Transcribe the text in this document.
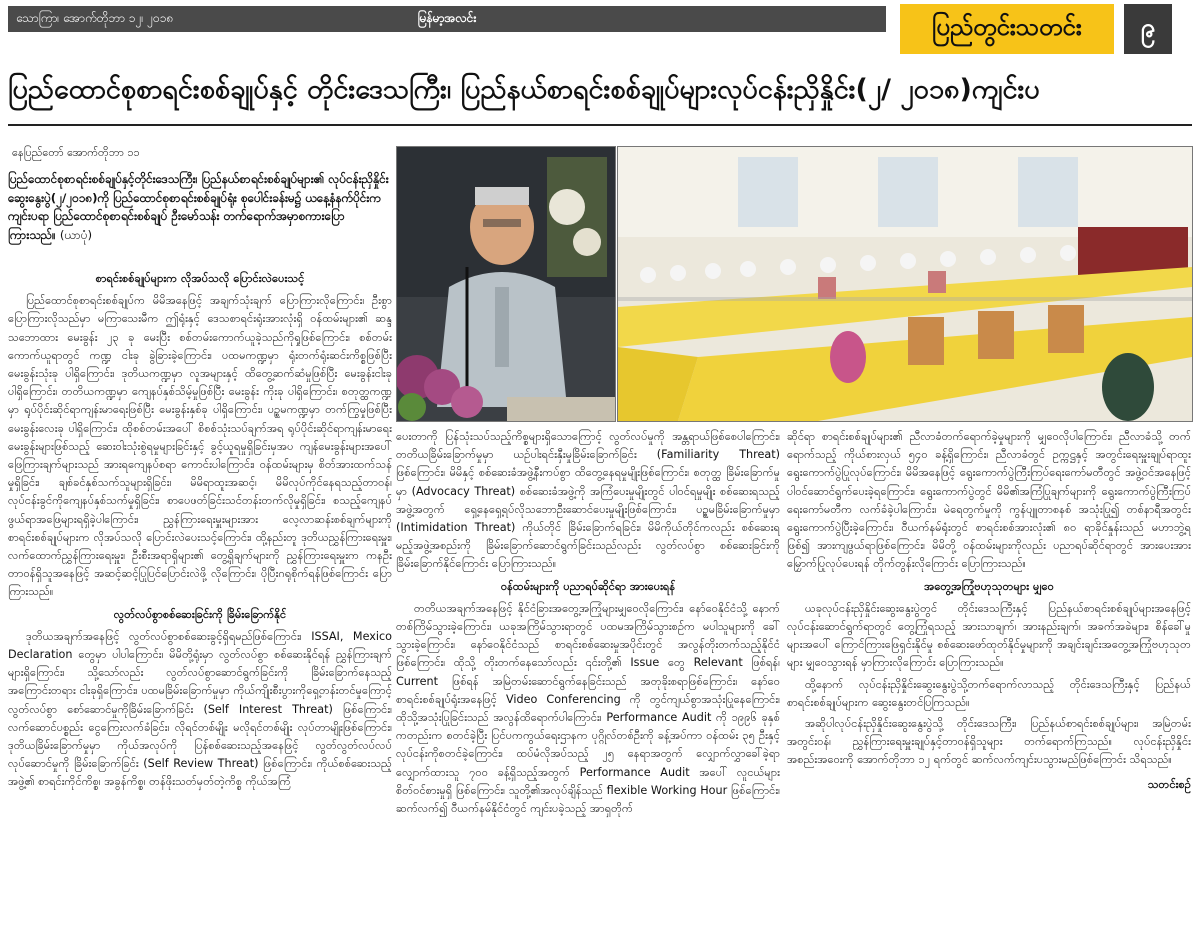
သောကြာ၊ အောက်တိုဘာ ၁၂၊ ၂၀၁၈	မြန်မာ့အလင်း	ပြည်တွင်းသတင်း	၉
ပြည်ထောင်စုစာရင်းစစ်ချုပ်နှင့် တိုင်းဒေသကြီး၊ ပြည်နယ်စာရင်းစစ်ချုပ်များလုပ်ငန်းညှိနှိုင်း(၂/ ၂၀၁၈)ကျင်းပ
နေပြည်တော် အောက်တိုဘာ ၁၁
ပြည်ထောင်စုစာရင်းစစ်ချုပ်နှင့်တိုင်းဒေသကြီး၊ ပြည်နယ်စာရင်းစစ်ချုပ်များ၏ လုပ်ငန်းညှိနှိုင်းဆွေးနွေးပွဲ(၂/၂၀၁၈)ကို ပြည်ထောင်စုစာရင်းစစ်ချုပ်ရုံး စုပေါင်းခန်းမ၌ ယနေ့နံနက်ပိုင်းက ကျင်းပရာ ပြည်ထောင်စုစာရင်းစစ်ချုပ် ဦးမော်သန်း တက်ရောက်အမှာစကားပြောကြားသည်။ (ယာပုံ)

စာရင်းစစ်ချုပ်များက လိုအပ်သလို ပြောင်းလဲပေးသင့်

ပြည်ထောင်စုစာရင်းစစ်ချုပ်က မိမိအနေဖြင့် အချက်သုံးချက် ပြောကြားလိုကြောင်း၊ ဦးစွာပြောကြားလိုသည်မှာ မကြာသေးမီက ဤရုံးနှင့် ဒေသစာရင်းရုံးအားလုံးရှိ ဝန်ထမ်းများ၏ ဆန္ဒသဘောထား မေးခွန်း ၂၃ ခု မေးပြီး စစ်တမ်းကောက်ယူခဲ့သည်ကိုရှုဖြစ်ကြောင်း၊ စစ်တမ်းကောက်ယူရာတွင် ကဏ္ဍ ငါးခု ခွဲခြားခဲ့ကြောင်း၊ ပထမကဏ္ဍမှာ ရုံးတက်ရုံးဆင်းကိစ္စဖြစ်ပြီး မေးခွန်းသုံးခု ပါရှိကြောင်း၊ ဒုတိယကဏ္ဍမှာ လူအများနှင့် ထိတွေ့ဆက်ဆံမှုဖြစ်ပြီး မေးခွန်းငါးခု ပါရှိကြောင်း၊ တတိယကဏ္ဍမှာ ကျေနပ်နှစ်သိမ့်မှုဖြစ်ပြီး မေးခွန်း ကိုးခု ပါရှိကြောင်း၊ စတုတ္ထကဏ္ဍမှာ ရုပ်ပိုင်းဆိုင်ရာကျန်းမာရေးဖြစ်ပြီး မေးခွန်းနှစ်ခု ပါရှိကြောင်း၊ ပဉ္စမကဏ္ဍမှာ တက်ကြွမှုဖြစ်ပြီး မေးခွန်းလေးခု ပါရှိကြောင်း၊ ထိုစစ်တမ်းအပေါ် စိစစ်သုံးသပ်ချက်အရ ရုပ်ပိုင်းဆိုင်ရာကျန်းမာရေးမေးခွန်းများဖြစ်သည့် ဆေးဝါးသုံးစွဲရမှုများခြင်းနှင့် ခွင့်ယူရမှုရှိခြင်းမှအပ ကျန်မေးခွန်းများအပေါ် ဖြေကြားချက်များသည် အားရကျေနပ်စရာ ကောင်းပါကြောင်း၊ ဝန်ထမ်းများမှ စိတ်အားထက်သန်မှုရှိခြင်း၊ ချစ်ခင်နှစ်သက်သူများရှိခြင်း၊ မိမိရာထူးအဆင့်၊ မိမိလုပ်ကိုင်နေရသည့်တာဝန်၊ လုပ်ငန်းခွင်ကိုကျေနပ်နှစ်သက်မှုရှိခြင်း၊ စာပေဖတ်ခြင်းသင်တန်းတက်လိုမှုရှိခြင်း၊ စသည့်ကျေနပ်ဖွယ်ရာအဖြေများရရှိခဲ့ပါကြောင်း၊ ညွှန်ကြားရေးမှူးများအား လေ့လာဆန်းစစ်ချက်များကို စာရင်းစစ်ချုပ်များက လိုအပ်သလို ပြောင်းလဲပေးသင့်ကြောင်း၊ ထို့နည်းတူ ဒုတိယညွှန်ကြားရေးမှူး၊ လက်ထောက်ညွှန်ကြားရေးမှူး၊ ဦးစီးအရာရှိများ၏ တွေ့ရှိချက်များကို ညွှန်ကြားရေးမှူးက ကနဦးတာဝန်ရှိသူအနေဖြင့် အဆင့်ဆင့်ပြုပြင်ပြောင်းလဲဖို့ လိုကြောင်း၊ ပိုပြီးဂရုစိုက်ရန်ဖြစ်ကြောင်း ပြောကြားသည်။

လွတ်လပ်စွာစစ်ဆေးခြင်းကို ခြိမ်းခြောက်နိုင်

ဒုတိယအချက်အနေဖြင့် လွတ်လပ်စွာစစ်ဆေးခွင့်ရှိရမည်ဖြစ်ကြောင်း၊ ISSAI, Mexico Declaration တွေမှာ ပါပါကြောင်း၊ မိမိတို့ရုံးမှာ လွတ်လပ်စွာ စစ်ဆေးနိုင်ရန် ညွှန်ကြားချက်များရှိကြောင်း၊ သို့သော်လည်း လွတ်လပ်စွာဆောင်ရွက်ခြင်းကို ခြိမ်းခြောက်နေသည့် အကြောင်းတရား ငါးခုရှိကြောင်း၊ ပထမခြိမ်းခြောက်မှုမှာ ကိုယ်ကျိုးစီးပွားကိုရှေ့တန်းတင်မှုကြောင့် လွတ်လပ်စွာ စော်ဆောင်မှုကိုခြိမ်းခြောက်ခြင်း (Self Interest Threat) ဖြစ်ကြောင်း၊ လက်ဆောင်ပစ္စည်း ငွေကြေးလက်ခံခြင်း၊ လိုရင်တစ်မျိုး မလိုရင်တစ်မျိုး လုပ်တာမျိုးဖြစ်ကြောင်း၊ ဒုတိယခြိမ်းခြောက်မှုမှာ ကိုယ်အလုပ်ကို ပြန်စစ်ဆေးသည့်အနေဖြင့် လွတ်လွတ်လပ်လပ် လုပ်ဆောင်မှုကို ခြိမ်းခြောက်ခြင်း (Self Review Threat) ဖြစ်ကြောင်း၊ ကိုယ်စစ်ဆေးသည့်အဖွဲ့၏ စာရင်းကိုင်ကိစ္စ၊ အခွန်ကိစ္စ၊ တန်ဖိုးသတ်မှတ်တဲ့ကိစ္စ ကိုယ်အကြံ

ပေးတာကို ပြန်သုံးသပ်သည့်ကိစ္စများရှိသောကြောင့် လွတ်လပ်မှုကို အန္တရာယ်ဖြစ်စေပါကြောင်း၊ တတိယခြိမ်းခြောက်မှုမှာ ယဉ်ပါးရင်းနှီးမှုခြိမ်းခြောက်ခြင်း (Familiarity Threat) ဖြစ်ကြောင်း၊ မိမိနှင့် စစ်ဆေးခံအဖွဲ့နီးကပ်စွာ ထိတွေ့နေရမှုမျိုးဖြစ်ကြောင်း၊ စတုတ္ထ ခြိမ်းခြောက်မှုမှာ (Advocacy Threat) စစ်ဆေးခံအဖွဲ့ကို အကြံပေးမှုမျိုးတွင် ပါဝင်ရမှုမျိုး စစ်ဆေးရသည့်အဖွဲ့အတွက် ရှေ့နေရှေ့ရပ်လိုသဘောဦးဆောင်ပေးမှုမျိုးဖြစ်ကြောင်း၊ ပဉ္စမခြိမ်းခြောက်မှုမှာ (Intimidation Threat) ကိုယ်တိုင် ခြိမ်းခြောက်ရခြင်း၊ မိမိကိုယ်တိုင်ကလည်း စစ်ဆေးရမည့်အဖွဲ့အစည်းကို ခြိမ်းခြောက်ဆောင်ရွက်ခြင်းသည်လည်း လွတ်လပ်စွာ စစ်ဆေးခြင်းကို ခြိမ်းခြောက်နိုင်ကြောင်း ပြောကြားသည်။

ဝန်ထမ်းများကို ပညာရပ်ဆိုင်ရာ အားပေးရန်

တတိယအချက်အနေဖြင့် နိုင်ငံခြားအတွေ့အကြုံများမျှဝေလိုကြောင်း၊ နော်ဝေနိုင်ငံသို့ နောက်တစ်ကြိမ်သွားခဲ့ကြောင်း၊ ယခုအကြိမ်သွားရာတွင် ပထမအကြိမ်သွားစဉ်က မပါသူများကို ခေါ်သွားခဲ့ကြောင်း၊ နော်ဝေနိုင်ငံသည် စာရင်းစစ်ဆေးမှုအပိုင်းတွင် အလွန်တိုးတက်သည့်နိုင်ငံ ဖြစ်ကြောင်း၊ ထိုသို့ တိုးတက်နေသော်လည်း ၎င်းတို့၏ Issue တွေ Relevant ဖြစ်ရန်၊ Current ဖြစ်ရန် အမြဲတမ်းဆောင်ရွက်နေခြင်းသည် အတုခိုးစရာဖြစ်ကြောင်း၊ နော်ဝေစာရင်းစစ်ချုပ်ရုံးအနေဖြင့် Video Conferencing ကို တွင်ကျယ်စွာအသုံးပြုနေကြောင်း၊ ထိုသို့အသုံးပြုခြင်းသည် အလွန်ထိရောက်ပါကြောင်း၊ Performance Audit ကို ၁၉၉၆ ခုနှစ်ကတည်းက စတင်ခဲ့ပြီး ပြင်ပကကွယ်ရေးဌာနက ပုဂ္ဂိုလ်တစ်ဦးကို ခန့်အပ်ကာ ဝန်ထမ်း ၃၅ ဦးနှင့် လုပ်ငန်းကိုစတင်ခဲ့ကြောင်း၊ ထပ်မံလိုအပ်သည့် ၂၅ နေရာအတွက် လျှောက်လွှာခေါ်ခဲ့ရာ လျှောက်ထားသူ ၇၀၀ ခန့်ရှိသည့်အတွက် Performance Audit အပေါ် လူငယ်များစိတ်ဝင်စားမှုရှိ ဖြစ်ကြောင်း၊ သူတို့၏အလုပ်ချိန်သည် flexible Working Hour ဖြစ်ကြောင်း၊ ဆက်လက်၍ ဝီယက်နမ်နိုင်ငံတွင် ကျင်းပခဲ့သည့် အာရှတိုက်

ဆိုင်ရာ စာရင်းစစ်ချုပ်များ၏ ညီလာခံတက်ရောက်ခဲ့မှုများကို မျှဝေလိုပါကြောင်း၊ ညီလာခံသို့ တက်ရောက်သည့် ကိုယ်စားလှယ် ၅၄၀ ခန့်ရှိကြောင်း၊ ညီလာခံတွင် ဥက္ကဋ္ဌနှင့် အတွင်းရေးမှူးချုပ်ရာထူး ရွေးကောက်ပွဲပြုလုပ်ကြောင်း၊ မိမိအနေဖြင့် ရွေးကောက်ပွဲကြီးကြပ်ရေးကော်မတီတွင် အဖွဲ့ဝင်အနေဖြင့် ပါဝင်ဆောင်ရွက်ပေးခဲ့ရကြောင်း၊ ရွေးကောက်ပွဲတွင် မိမိ၏အကြံပြုချက်များကို ရွေးကောက်ပွဲကြီးကြပ်ရေးကော်မတီက လက်ခံခဲ့ပါကြောင်း၊ မဲရေတွက်မှုကို ကွန်ပျူတာစနစ် အသုံးပြု၍ တစ်နာရီအတွင်း ရွေးကောက်ပွဲပြီးခဲ့ကြောင်း၊ ဝီယက်နမ်ရုံးတွင် စာရင်းစစ်အားလုံး၏ ၈၀ ရာခိုင်နှုန်းသည် မဟာဘွဲ့ရဖြစ်၍ အားကျဖွယ်ရာဖြစ်ကြောင်း၊ မိမိတို့ ဝန်ထမ်းများကိုလည်း ပညာရပ်ဆိုင်ရာတွင် အားပေးအားမြှောက်ပြုလုပ်ပေးရန် တိုက်တွန်းလိုကြောင်း ပြောကြားသည်။

အတွေ့အကြုံဗဟုသုတများ မျှဝေ

ယခုလုပ်ငန်းညှိနှိုင်းဆွေးနွေးပွဲတွင် တိုင်းဒေသကြီးနှင့် ပြည်နယ်စာရင်းစစ်ချုပ်များအနေဖြင့် လုပ်ငန်းဆောင်ရွက်ရာတွင် တွေ့ကြုံရသည့် အားသာချက်၊ အားနည်းချက်၊ အခက်အခဲများ၊ စိန်ခေါ်မှုများအပေါ် ကြောင်ကြားဖြေရှင်းနိုင်မှု စစ်ဆေးဖော်ထုတ်နိုင်မှုများကို အချင်းချင်းအတွေ့အကြုံဗဟုသုတများ မျှဝေသွားရန် မှာကြားလိုကြောင်း ပြောကြားသည်။

ထို့နောက် လုပ်ငန်းညှိနှိုင်းဆွေးနွေးပွဲသို့တက်ရောက်လာသည့် တိုင်းဒေသကြီးနှင့် ပြည်နယ်စာရင်းစစ်ချုပ်များက ဆွေးနွေးတင်ပြကြသည်။

အဆိုပါလုပ်ငန်းညှိနှိုင်းဆွေးနွေးပွဲသို့ တိုင်းဒေသကြီး၊ ပြည်နယ်စာရင်းစစ်ချုပ်များ၊ အမြဲတမ်းအတွင်းဝန်၊ ညွှန်ကြားရေးမှူးချုပ်နှင့်တာဝန်ရှိသူများ တက်ရောက်ကြသည်။ လုပ်ငန်းညှိနှိုင်းအစည်းအဝေးကို အောက်တိုဘာ ၁၂ ရက်တွင် ဆက်လက်ကျင်းပသွားမည်ဖြစ်ကြောင်း သိရသည်။

သတင်းစဉ်
